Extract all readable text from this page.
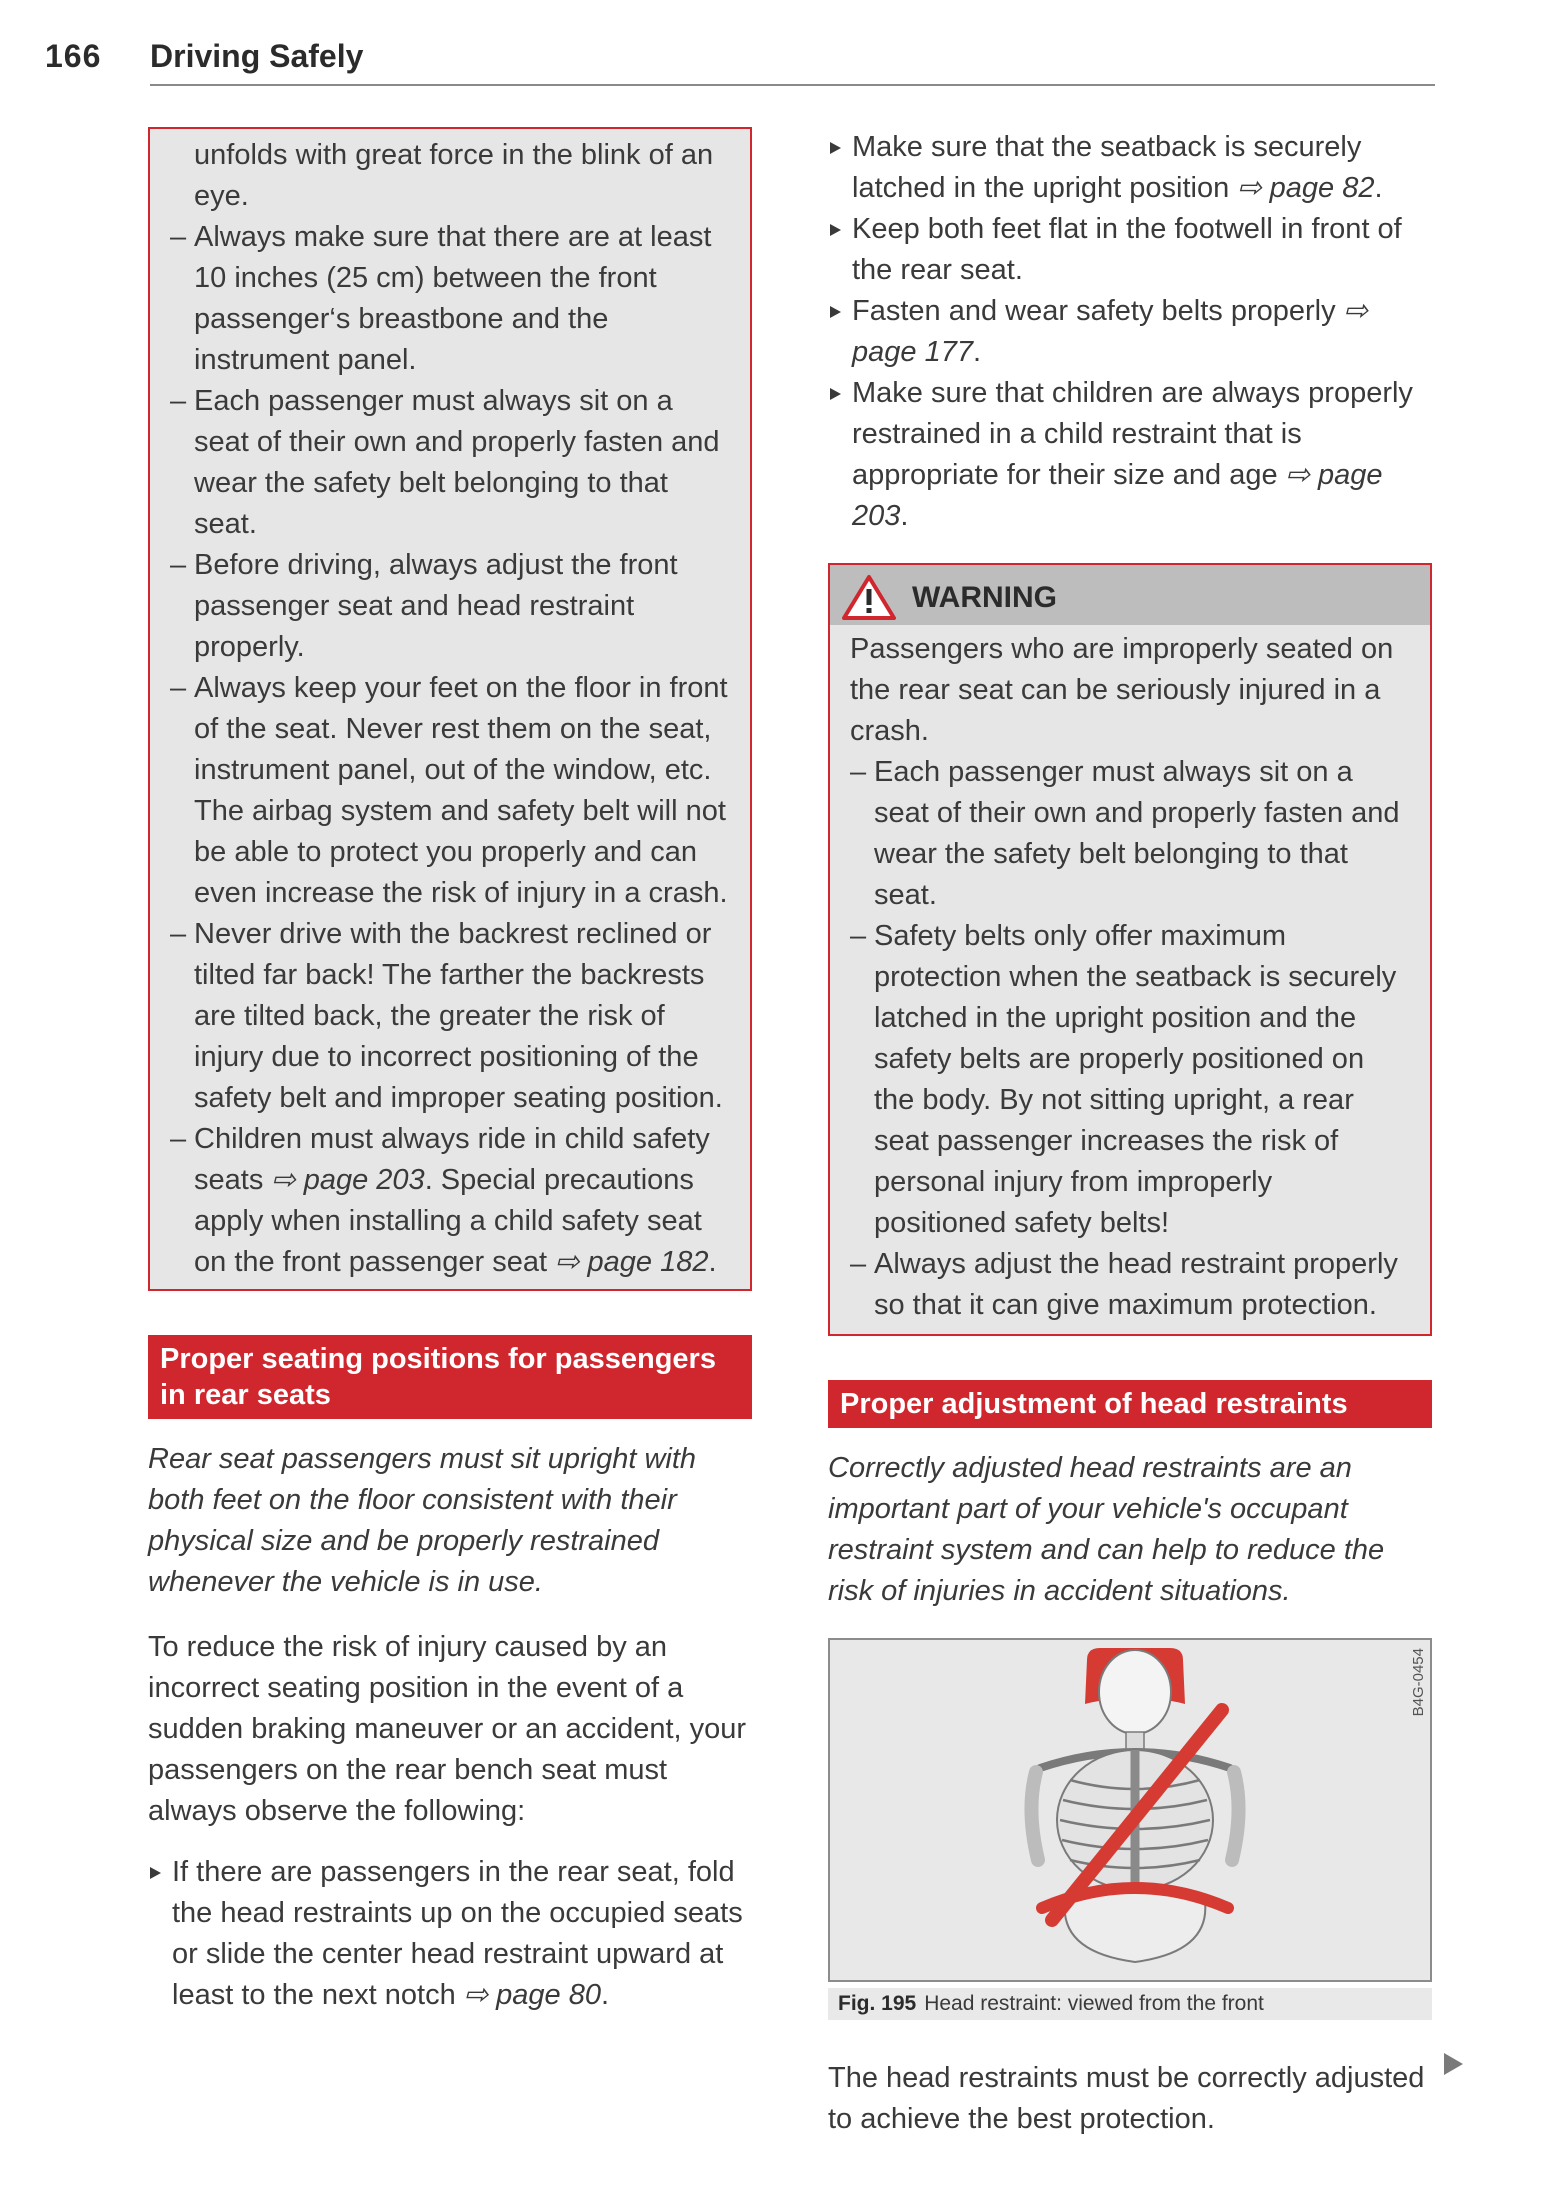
166 Driving Safely
unfolds with great force in the blink of an eye.
– Always make sure that there are at least 10 inches (25 cm) between the front passenger‘s breastbone and the instrument panel.
– Each passenger must always sit on a seat of their own and properly fasten and wear the safety belt belonging to that seat.
– Before driving, always adjust the front passenger seat and head restraint properly.
– Always keep your feet on the floor in front of the seat. Never rest them on the seat, instrument panel, out of the window, etc. The airbag system and safety belt will not be able to protect you properly and can even increase the risk of injury in a crash.
– Never drive with the backrest reclined or tilted far back! The farther the backrests are tilted back, the greater the risk of injury due to incorrect positioning of the safety belt and improper seating position.
– Children must always ride in child safety seats ⇨ page 203. Special precautions apply when installing a child safety seat on the front passenger seat ⇨ page 182.
Proper seating positions for passengers in rear seats

Rear seat passengers must sit upright with both feet on the floor consistent with their physical size and be properly restrained whenever the vehicle is in use.

To reduce the risk of injury caused by an incorrect seating position in the event of a sudden braking maneuver or an accident, your passengers on the rear bench seat must always observe the following:

If there are passengers in the rear seat, fold the head restraints up on the occupied seats or slide the center head restraint upward at least to the next notch ⇨ page 80.
Make sure that the seatback is securely latched in the upright position ⇨ page 82.
Keep both feet flat in the footwell in front of the rear seat.
Fasten and wear safety belts properly ⇨ page 177.
Make sure that children are always properly restrained in a child restraint that is appropriate for their size and age ⇨ page 203.
WARNING
Passengers who are improperly seated on the rear seat can be seriously injured in a crash.
– Each passenger must always sit on a seat of their own and properly fasten and wear the safety belt belonging to that seat.
– Safety belts only offer maximum protection when the seatback is securely latched in the upright position and the safety belts are properly positioned on the body. By not sitting upright, a rear seat passenger increases the risk of personal injury from improperly positioned safety belts!
– Always adjust the head restraint properly so that it can give maximum protection.
Proper adjustment of head restraints

Correctly adjusted head restraints are an important part of your vehicle's occupant restraint system and can help to reduce the risk of injuries in accident situations.

B4G-0454
Fig. 195 Head restraint: viewed from the front

The head restraints must be correctly adjusted to achieve the best protection.
